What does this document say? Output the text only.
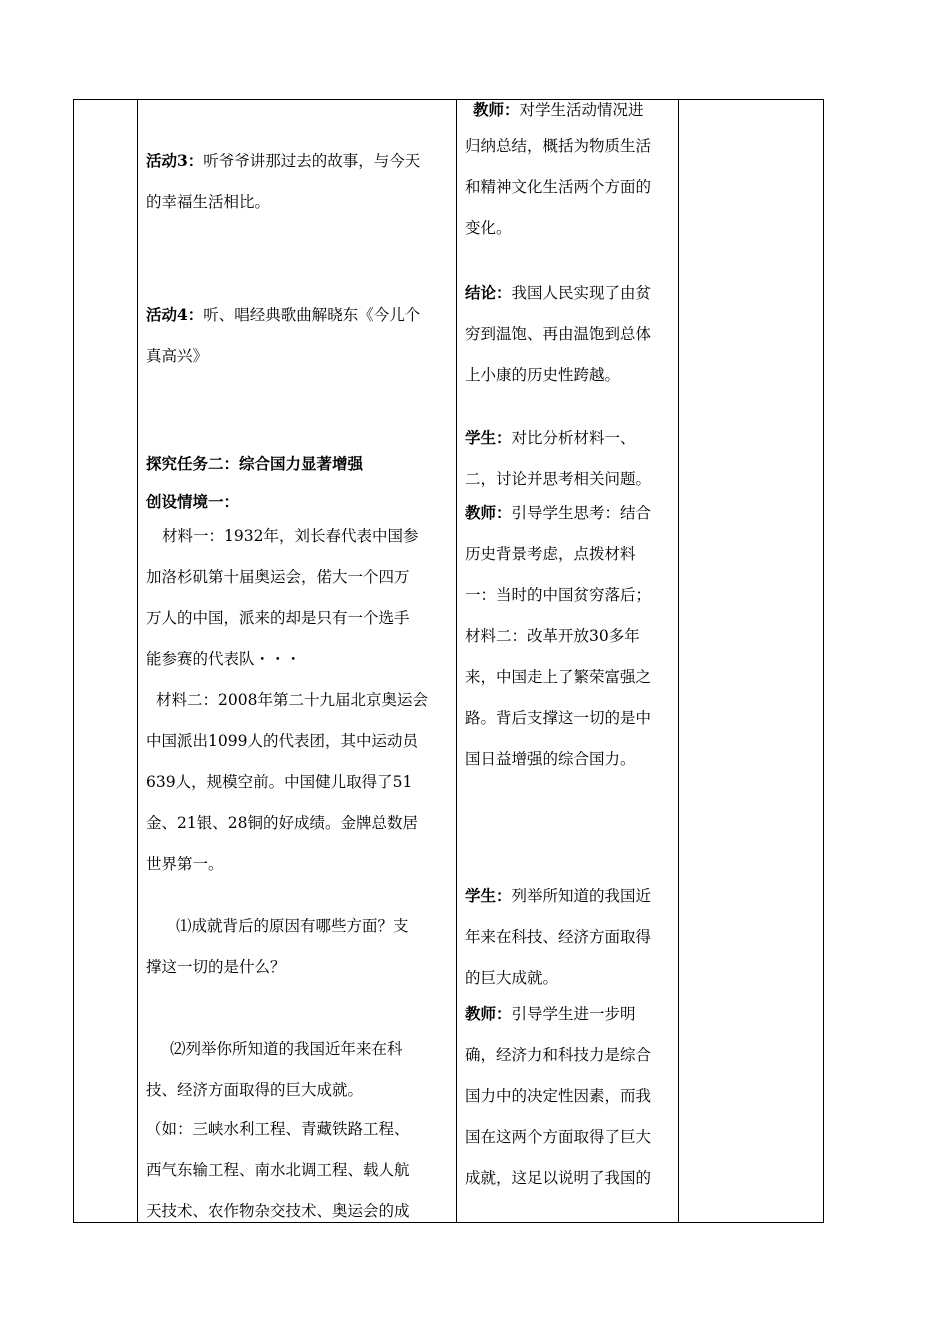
活动3：听爷爷讲那过去的故事，与今天
的幸福生活相比。
活动4：听、唱经典歌曲解晓东《今儿个
真高兴》
探究任务二：综合国力显著增强
创设情境一：
材料一：1932年，刘长春代表中国参
加洛杉矶第十届奥运会，偌大一个四万
万人的中国，派来的却是只有一个选手
能参赛的代表队・・・
材料二：2008年第二十九届北京奥运会
中国派出1099人的代表团，其中运动员
639人，规模空前。中国健儿取得了51
金、21银、28铜的好成绩。金牌总数居
世界第一。
⑴成就背后的原因有哪些方面？支
撑这一切的是什么？
⑵列举你所知道的我国近年来在科
技、经济方面取得的巨大成就。
（如：三峡水利工程、青藏铁路工程、
西气东输工程、南水北调工程、载人航
天技术、农作物杂交技术、奥运会的成
教师：对学生活动情况进
归纳总结，概括为物质生活
和精神文化生活两个方面的
变化。
结论：我国人民实现了由贫
穷到温饱、再由温饱到总体
上小康的历史性跨越。
学生：对比分析材料一、
二，讨论并思考相关问题。
教师：引导学生思考：结合
历史背景考虑，点拨材料
一：当时的中国贫穷落后；
材料二：改革开放30多年
来，中国走上了繁荣富强之
路。背后支撑这一切的是中
国日益增强的综合国力。
学生：列举所知道的我国近
年来在科技、经济方面取得
的巨大成就。
教师：引导学生进一步明
确，经济力和科技力是综合
国力中的决定性因素，而我
国在这两个方面取得了巨大
成就，这足以说明了我国的
